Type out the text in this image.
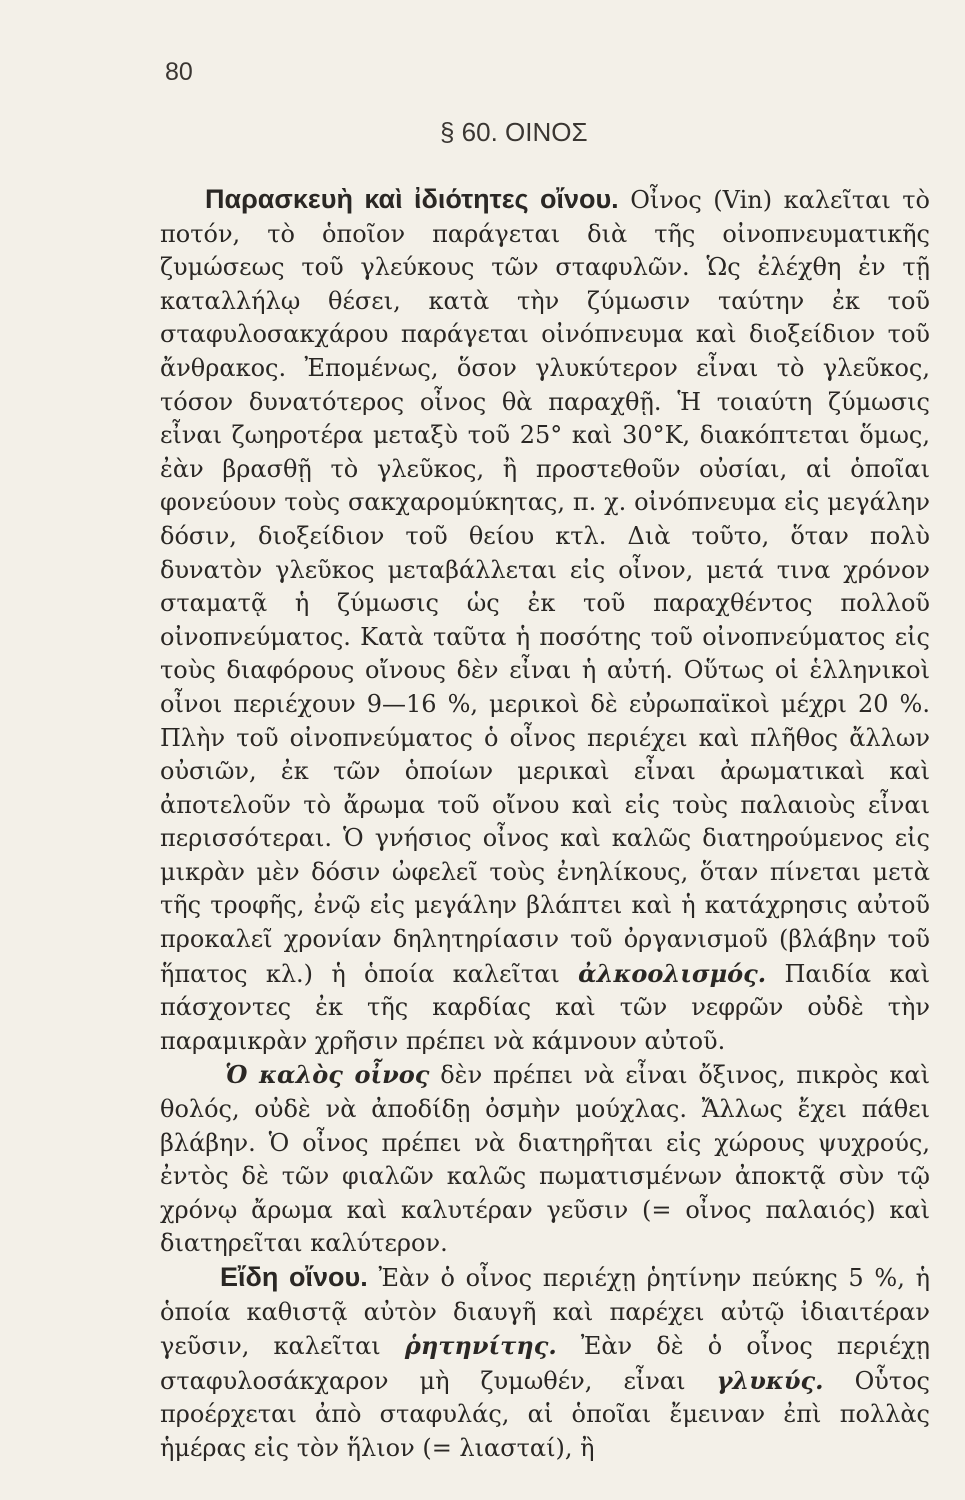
80
§ 60. ΟΙΝΟΣ

Παρασκευὴ καὶ ἰδιότητες οἴνου. Οἶνος (Vin) καλεῖται τὸ ποτόν, τὸ ὁποῖον παράγεται διὰ τῆς οἰνοπνευματικῆς ζυμώσεως τοῦ γλεύκους τῶν σταφυλῶν. Ὡς ἐλέχθη ἐν τῇ καταλλήλῳ θέσει, κατὰ τὴν ζύμωσιν ταύτην ἐκ τοῦ σταφυλοσακχάρου παράγεται οἰνόπνευμα καὶ διοξείδιον τοῦ ἄνθρακος. Ἐπομένως, ὅσον γλυκύτερον εἶναι τὸ γλεῦκος, τόσον δυνατότερος οἶνος θὰ παραχθῇ. Ἡ τοιαύτη ζύμωσις εἶναι ζωηροτέρα μεταξὺ τοῦ 25° καὶ 30°Κ, διακόπτεται ὅμως, ἐὰν βρασθῇ τὸ γλεῦκος, ἢ προστεθοῦν οὐσίαι, αἱ ὁποῖαι φονεύουν τοὺς σακχαρομύκητας, π. χ. οἰνόπνευμα εἰς μεγάλην δόσιν, διοξείδιον τοῦ θείου κτλ. Διὰ τοῦτο, ὅταν πολὺ δυνατὸν γλεῦκος μεταβάλλεται εἰς οἶνον, μετά τινα χρόνον σταματᾷ ἡ ζύμωσις ὡς ἐκ τοῦ παραχθέντος πολλοῦ οἰνοπνεύματος. Κατὰ ταῦτα ἡ ποσότης τοῦ οἰνοπνεύματος εἰς τοὺς διαφόρους οἴνους δὲν εἶναι ἡ αὐτή. Οὕτως οἱ ἑλληνικοὶ οἶνοι περιέχουν 9—16 %, μερικοὶ δὲ εὐρωπαϊκοὶ μέχρι 20 %. Πλὴν τοῦ οἰνοπνεύματος ὁ οἶνος περιέχει καὶ πλῆθος ἄλλων οὐσιῶν, ἐκ τῶν ὁποίων μερικαὶ εἶναι ἀρωματικαὶ καὶ ἀποτελοῦν τὸ ἄρωμα τοῦ οἴνου καὶ εἰς τοὺς παλαιοὺς εἶναι περισσότεραι. Ὁ γνήσιος οἶνος καὶ καλῶς διατηρούμενος εἰς μικρὰν μὲν δόσιν ὠφελεῖ τοὺς ἐνηλίκους, ὅταν πίνεται μετὰ τῆς τροφῆς, ἐνῷ εἰς μεγάλην βλάπτει καὶ ἡ κατάχρησις αὐτοῦ προκαλεῖ χρονίαν δηλητηρίασιν τοῦ ὀργανισμοῦ (βλάβην τοῦ ἥπατος κλ.) ἡ ὁποία καλεῖται ἀλκοολισμός. Παιδία καὶ πάσχοντες ἐκ τῆς καρδίας καὶ τῶν νεφρῶν οὐδὲ τὴν παραμικρὰν χρῆσιν πρέπει νὰ κάμνουν αὐτοῦ.

Ὁ καλὸς οἶνος δὲν πρέπει νὰ εἶναι ὄξινος, πικρὸς καὶ θολός, οὐδὲ νὰ ἀποδίδῃ ὀσμὴν μούχλας. Ἄλλως ἔχει πάθει βλάβην. Ὁ οἶνος πρέπει νὰ διατηρῆται εἰς χώρους ψυχρούς, ἐντὸς δὲ τῶν φιαλῶν καλῶς πωματισμένων ἀποκτᾷ σὺν τῷ χρόνῳ ἄρωμα καὶ καλυτέραν γεῦσιν (= οἶνος παλαιός) καὶ διατηρεῖται καλύτερον.

Εἴδη οἴνου. Ἐὰν ὁ οἶνος περιέχῃ ῥητίνην πεύκης 5 %, ἡ ὁποία καθιστᾷ αὐτὸν διαυγῆ καὶ παρέχει αὐτῷ ἰδιαιτέραν γεῦσιν, καλεῖται ῥητηνίτης. Ἐὰν δὲ ὁ οἶνος περιέχῃ σταφυλοσάκχαρον μὴ ζυμωθέν, εἶναι γλυκύς. Οὗτος προέρχεται ἀπὸ σταφυλάς, αἱ ὁποῖαι ἔμειναν ἐπὶ πολλὰς ἡμέρας εἰς τὸν ἥλιον (= λιασταί), ἢ
